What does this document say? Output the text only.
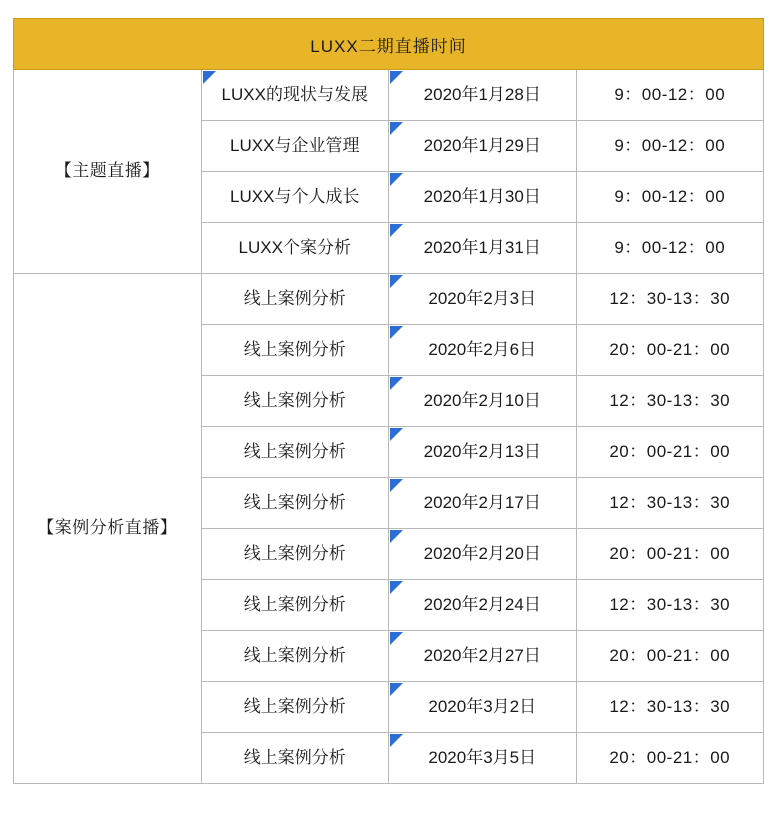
LUXX二期直播时间			

【主题直播】	LUXX的现状与发展	2020年1月28日	9：00-12：00

	LUXX与企业管理	2020年1月29日	9：00-12：00

	LUXX与个人成长	2020年1月30日	9：00-12：00

	LUXX个案分析	2020年1月31日	9：00-12：00

【案例分析直播】	线上案例分析	2020年2月3日	12：30-13：30

	线上案例分析	2020年2月6日	20：00-21：00

	线上案例分析	2020年2月10日	12：30-13：30

	线上案例分析	2020年2月13日	20：00-21：00

	线上案例分析	2020年2月17日	12：30-13：30

	线上案例分析	2020年2月20日	20：00-21：00

	线上案例分析	2020年2月24日	12：30-13：30

	线上案例分析	2020年2月27日	20：00-21：00

	线上案例分析	2020年3月2日	12：30-13：30

	线上案例分析	2020年3月5日	20：00-21：00
